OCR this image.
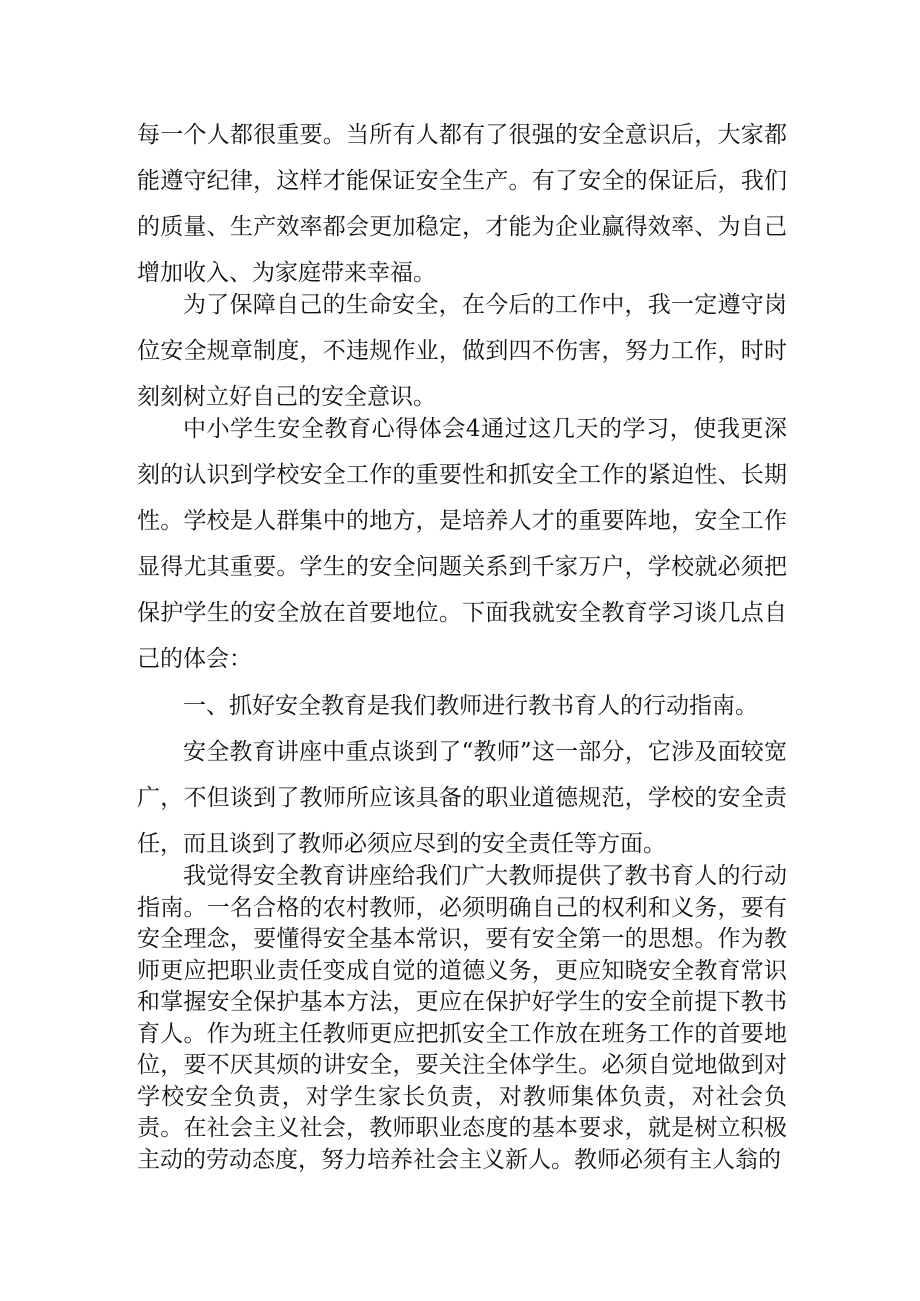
每一个人都很重要。当所有人都有了很强的安全意识后，大家都能遵守纪律，这样才能保证安全生产。有了安全的保证后，我们的质量、生产效率都会更加稳定，才能为企业赢得效率、为自己增加收入、为家庭带来幸福。

为了保障自己的生命安全，在今后的工作中，我一定遵守岗位安全规章制度，不违规作业，做到四不伤害，努力工作，时时刻刻树立好自己的安全意识。

中小学生安全教育心得体会4通过这几天的学习，使我更深刻的认识到学校安全工作的重要性和抓安全工作的紧迫性、长期性。学校是人群集中的地方，是培养人才的重要阵地，安全工作显得尤其重要。学生的安全问题关系到千家万户，学校就必须把保护学生的安全放在首要地位。下面我就安全教育学习谈几点自己的体会：

一、抓好安全教育是我们教师进行教书育人的行动指南。

安全教育讲座中重点谈到了“教师”这一部分，它涉及面较宽广，不但谈到了教师所应该具备的职业道德规范，学校的安全责任，而且谈到了教师必须应尽到的安全责任等方面。

我觉得安全教育讲座给我们广大教师提供了教书育人的行动指南。一名合格的农村教师，必须明确自己的权利和义务，要有安全理念，要懂得安全基本常识，要有安全第一的思想。作为教师更应把职业责任变成自觉的道德义务，更应知晓安全教育常识和掌握安全保护基本方法，更应在保护好学生的安全前提下教书育人。作为班主任教师更应把抓安全工作放在班务工作的首要地位，要不厌其烦的讲安全，要关注全体学生。必须自觉地做到对学校安全负责，对学生家长负责，对教师集体负责，对社会负责。在社会主义社会，教师职业态度的基本要求，就是树立积极主动的劳动态度，努力培养社会主义新人。教师必须有主人翁的
